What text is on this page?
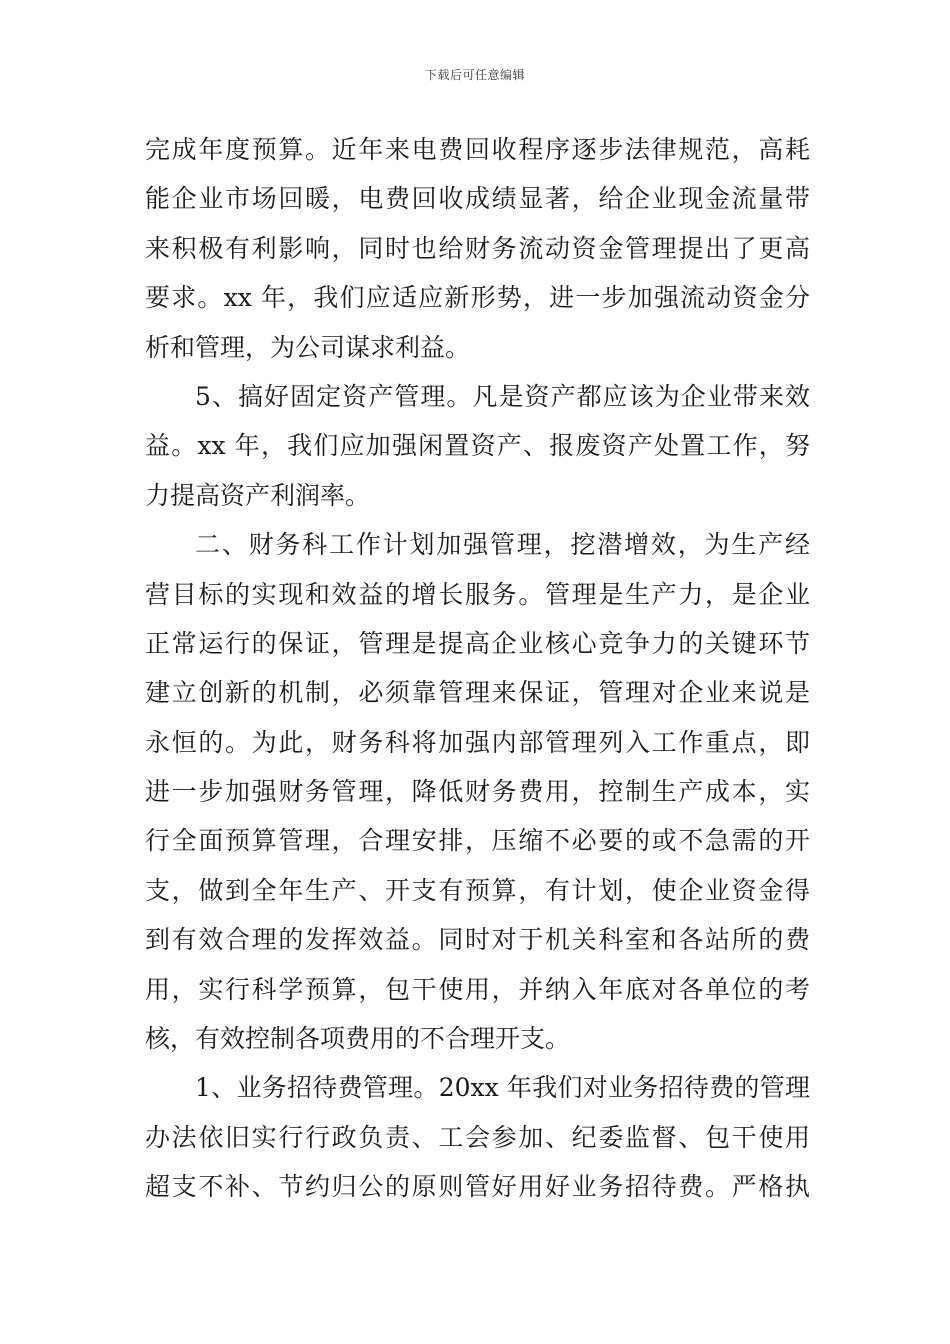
下载后可任意编辑
完成年度预算。近年来电费回收程序逐步法律规范，高耗
能企业市场回暖，电费回收成绩显著，给企业现金流量带
来积极有利影响，同时也给财务流动资金管理提出了更高
要求。xx 年，我们应适应新形势，进一步加强流动资金分
析和管理，为公司谋求利益。
5、搞好固定资产管理。凡是资产都应该为企业带来效
益。xx 年，我们应加强闲置资产、报废资产处置工作，努
力提高资产利润率。
二、财务科工作计划加强管理，挖潜增效，为生产经
营目标的实现和效益的增长服务。管理是生产力，是企业
正常运行的保证，管理是提高企业核心竞争力的关键环节
建立创新的机制，必须靠管理来保证，管理对企业来说是
永恒的。为此，财务科将加强内部管理列入工作重点，即
进一步加强财务管理，降低财务费用，控制生产成本，实
行全面预算管理，合理安排，压缩不必要的或不急需的开
支，做到全年生产、开支有预算，有计划，使企业资金得
到有效合理的发挥效益。同时对于机关科室和各站所的费
用，实行科学预算，包干使用，并纳入年底对各单位的考
核，有效控制各项费用的不合理开支。
1、业务招待费管理。20xx 年我们对业务招待费的管理
办法依旧实行行政负责、工会参加、纪委监督、包干使用
超支不补、节约归公的原则管好用好业务招待费。严格执
